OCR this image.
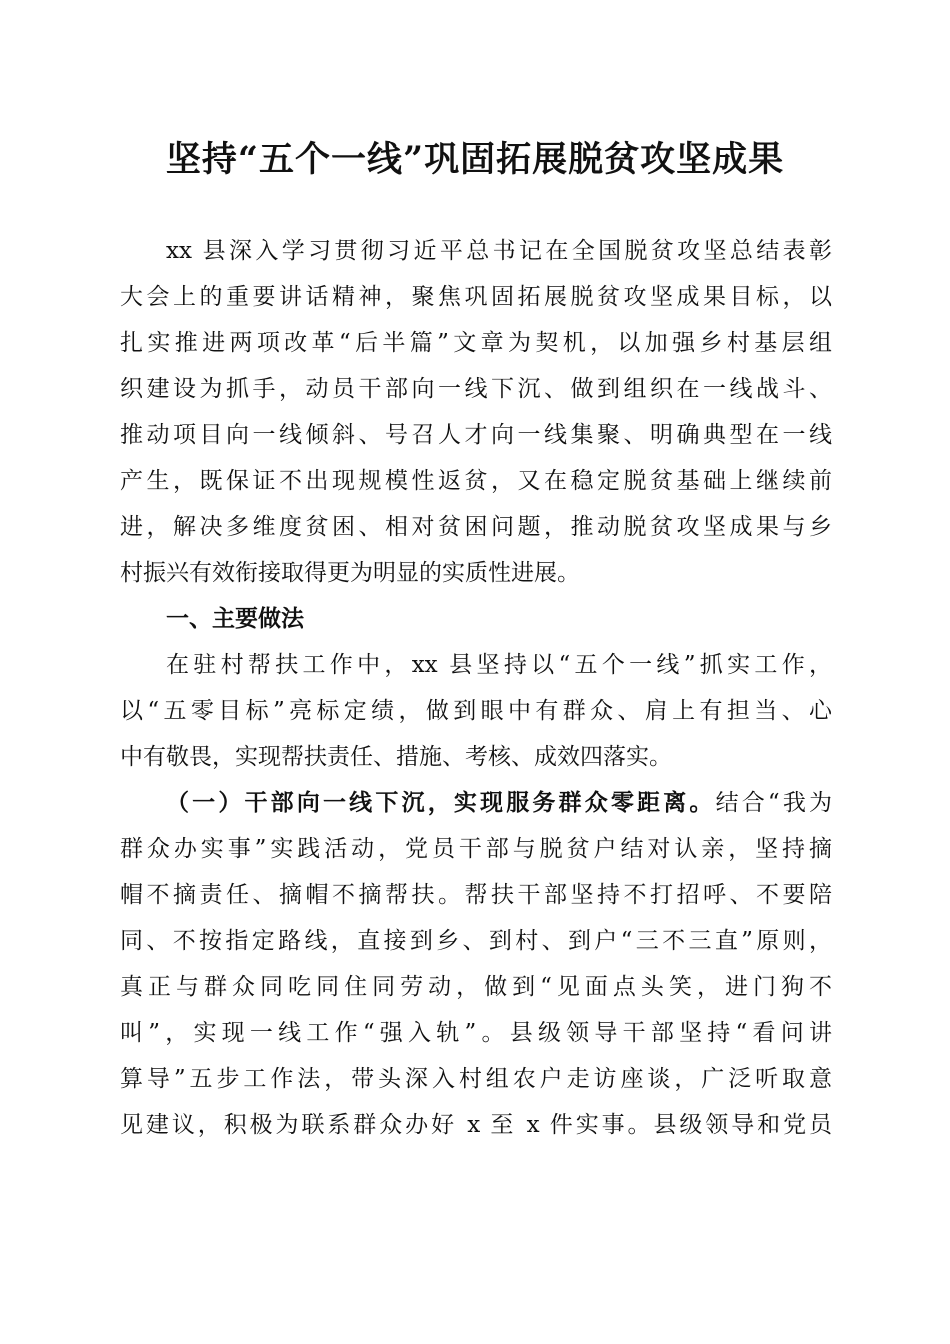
坚持“五个一线”巩固拓展脱贫攻坚成果
xx 县深入学习贯彻习近平总书记在全国脱贫攻坚总结表彰
大会上的重要讲话精神，聚焦巩固拓展脱贫攻坚成果目标，以
扎实推进两项改革“后半篇”文章为契机，以加强乡村基层组
织建设为抓手，动员干部向一线下沉、做到组织在一线战斗、
推动项目向一线倾斜、号召人才向一线集聚、明确典型在一线
产生，既保证不出现规模性返贫，又在稳定脱贫基础上继续前
进，解决多维度贫困、相对贫困问题，推动脱贫攻坚成果与乡
村振兴有效衔接取得更为明显的实质性进展。
一、主要做法
在驻村帮扶工作中，xx 县坚持以“五个一线”抓实工作，
以“五零目标”亮标定绩，做到眼中有群众、肩上有担当、心
中有敬畏，实现帮扶责任、措施、考核、成效四落实。
（一）干部向一线下沉，实现服务群众零距离。结合“我为
群众办实事”实践活动，党员干部与脱贫户结对认亲，坚持摘
帽不摘责任、摘帽不摘帮扶。帮扶干部坚持不打招呼、不要陪
同、不按指定路线，直接到乡、到村、到户“三不三直”原则，
真正与群众同吃同住同劳动，做到“见面点头笑，进门狗不
叫”，实现一线工作“强入轨”。县级领导干部坚持“看问讲
算导”五步工作法，带头深入村组农户走访座谈，广泛听取意
见建议，积极为联系群众办好 x 至 x 件实事。县级领导和党员
